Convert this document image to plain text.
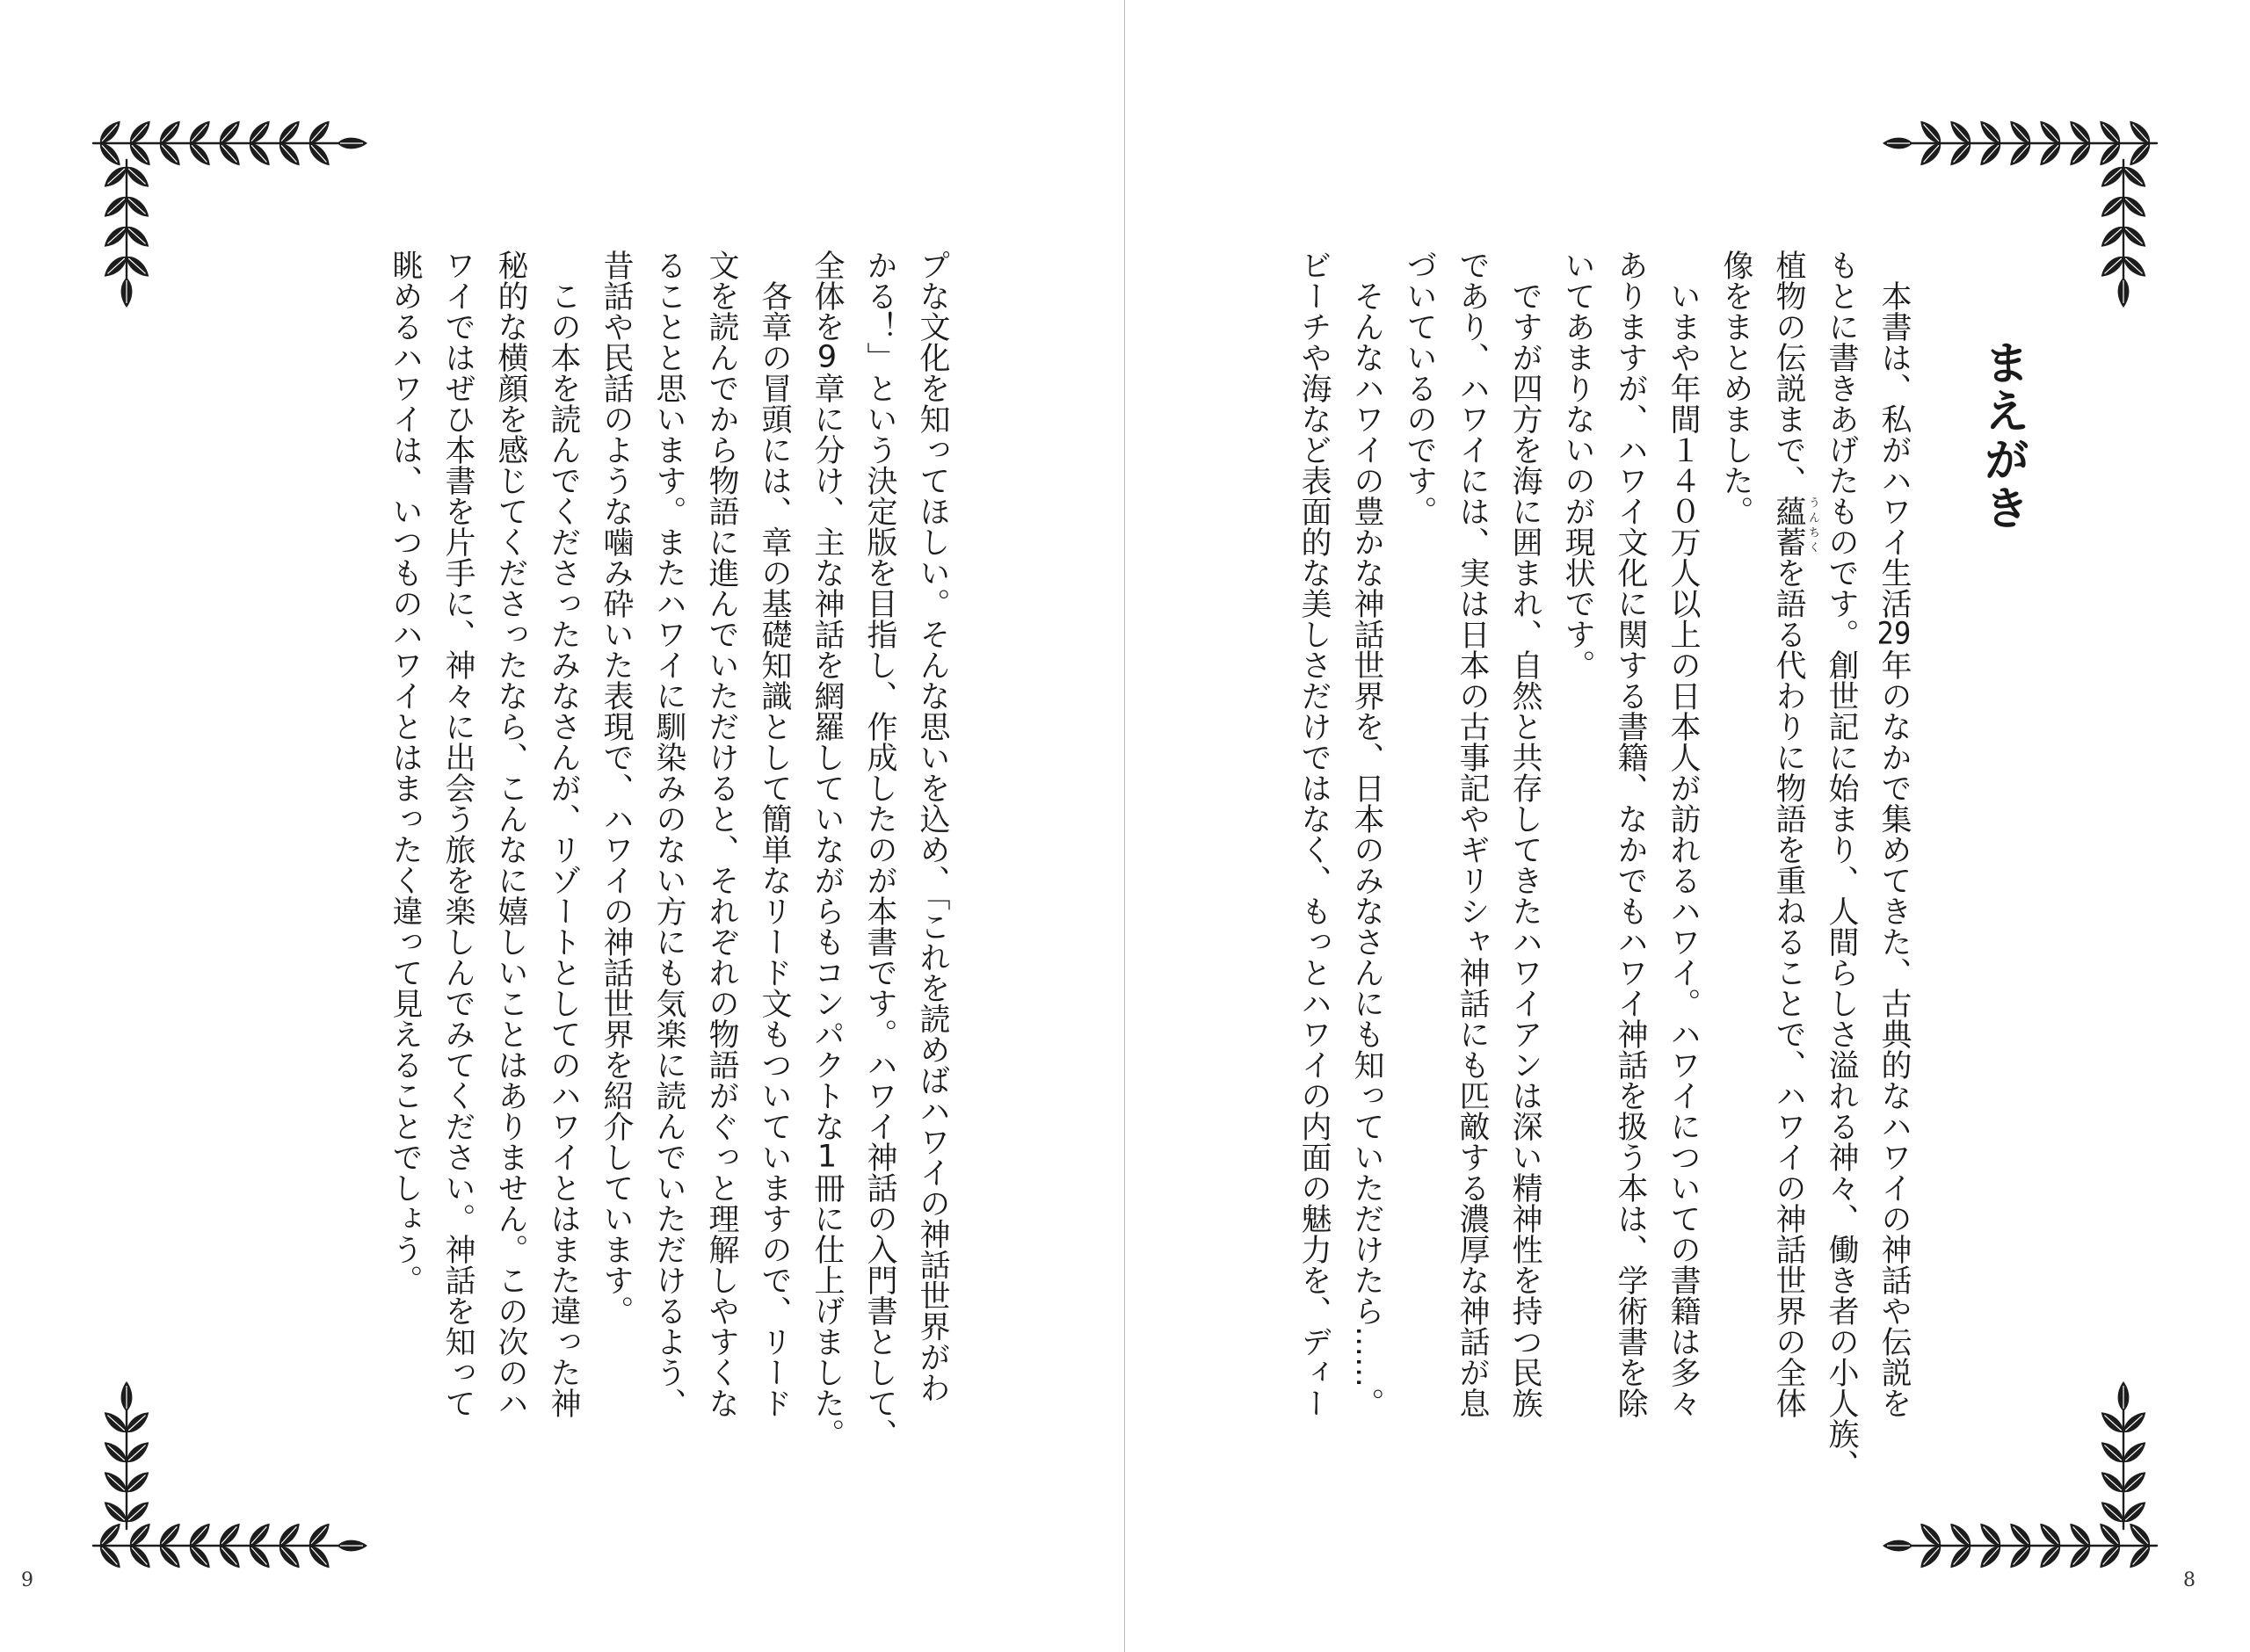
プな文化を知ってほしい。そんな思いを込め、「これを読めばハワイの神話世界がわ
かる！」という決定版を目指し、作成したのが本書です。ハワイ神話の入門書として、
全体を9章に分け、主な神話を網羅していながらもコンパクトな1冊に仕上げました。
各章の冒頭には、章の基礎知識として簡単なリード文もついていますので、リード
文を読んでから物語に進んでいただけると、それぞれの物語がぐっと理解しやすくな
ることと思います。またハワイに馴染みのない方にも気楽に読んでいただけるよう、
昔話や民話のような噛み砕いた表現で、ハワイの神話世界を紹介しています。
この本を読んでくださったみなさんが、リゾートとしてのハワイとはまた違った神
秘的な横顔を感じてくださったなら、こんなに嬉しいことはありません。この次のハ
ワイではぜひ本書を片手に、神々に出会う旅を楽しんでみてください。神話を知って
眺めるハワイは、いつものハワイとはまったく違って見えることでしょう。
9
まえがき
本書は、私がハワイ生活29年のなかで集めてきた、古典的なハワイの神話や伝説を
もとに書きあげたものです。創世記に始まり、人間らしさ溢れる神々、働き者の小人族、
植物の伝説まで、蘊蓄 うんちく
を語る代わりに物語を重ねることで、ハワイの神話世界の全体
像をまとめました。
いまや年間１４０万人以上の日本人が訪れるハワイ。ハワイについての書籍は多々
ありますが、ハワイ文化に関する書籍、なかでもハワイ神話を扱う本は、学術書を除
いてあまりないのが現状です。
ですが四方を海に囲まれ、自然と共存してきたハワイアンは深い精神性を持つ民族
であり、ハワイには、実は日本の古事記やギリシャ神話にも匹敵する濃厚な神話が息
づいているのです。
そんなハワイの豊かな神話世界を、日本のみなさんにも知っていただけたら……。
ビーチや海など表面的な美しさだけではなく、もっとハワイの内面の魅力を、ディー
8
